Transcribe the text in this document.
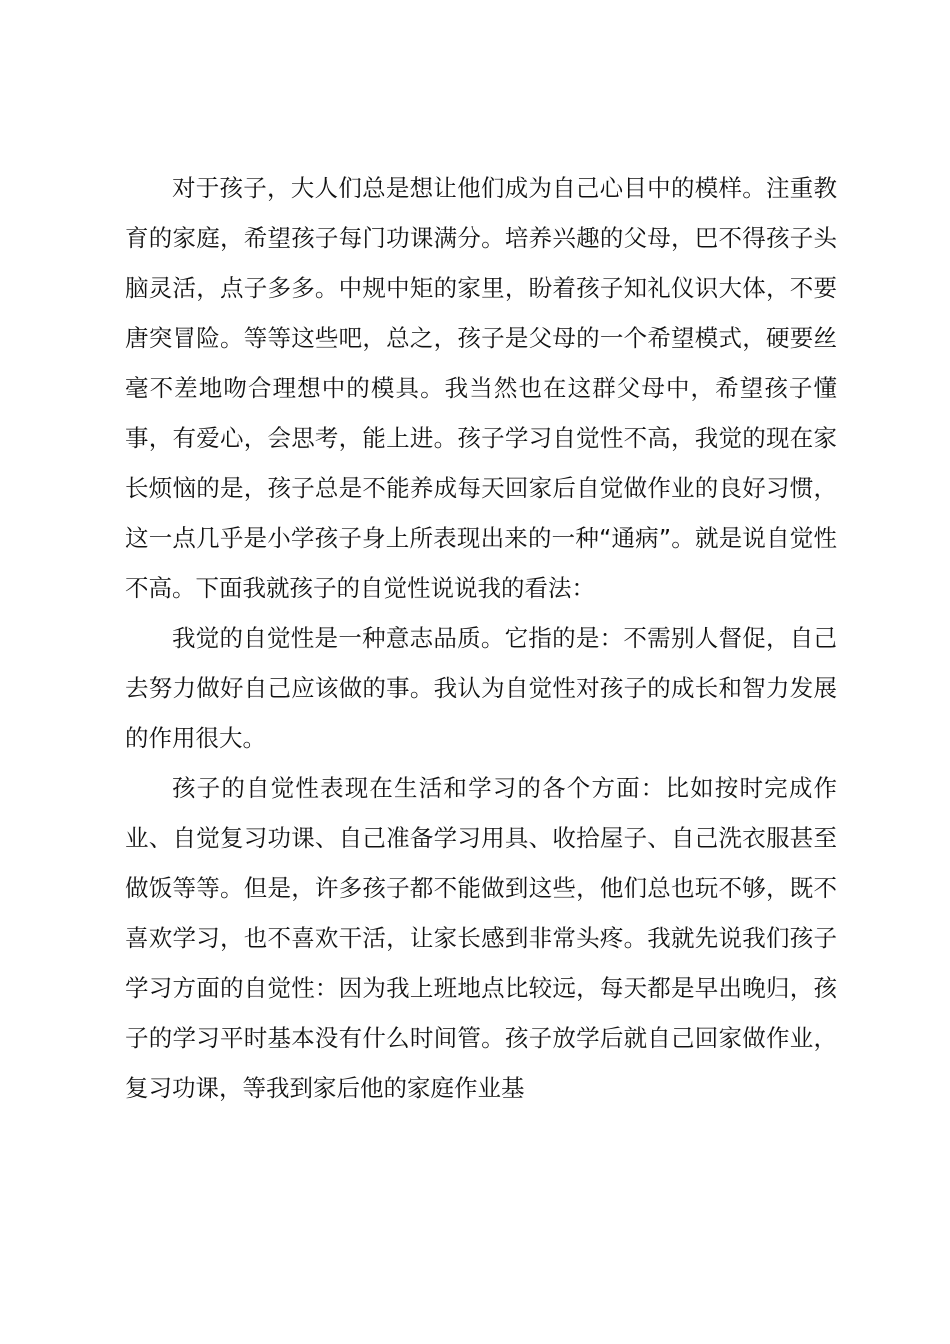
对于孩子，大人们总是想让他们成为自己心目中的模样。注重教育的家庭，希望孩子每门功课满分。培养兴趣的父母，巴不得孩子头脑灵活，点子多多。中规中矩的家里，盼着孩子知礼仪识大体，不要唐突冒险。等等这些吧，总之，孩子是父母的一个希望模式，硬要丝毫不差地吻合理想中的模具。我当然也在这群父母中，希望孩子懂事，有爱心，会思考，能上进。孩子学习自觉性不高，我觉的现在家长烦恼的是，孩子总是不能养成每天回家后自觉做作业的良好习惯，这一点几乎是小学孩子身上所表现出来的一种“通病”。就是说自觉性不高。下面我就孩子的自觉性说说我的看法：

我觉的自觉性是一种意志品质。它指的是：不需别人督促，自己去努力做好自己应该做的事。我认为自觉性对孩子的成长和智力发展的作用很大。

孩子的自觉性表现在生活和学习的各个方面：比如按时完成作业、自觉复习功课、自己准备学习用具、收拾屋子、自己洗衣服甚至做饭等等。但是，许多孩子都不能做到这些，他们总也玩不够，既不喜欢学习，也不喜欢干活，让家长感到非常头疼。我就先说我们孩子学习方面的自觉性：因为我上班地点比较远，每天都是早出晚归，孩子的学习平时基本没有什么时间管。孩子放学后就自己回家做作业，复习功课，等我到家后他的家庭作业基
